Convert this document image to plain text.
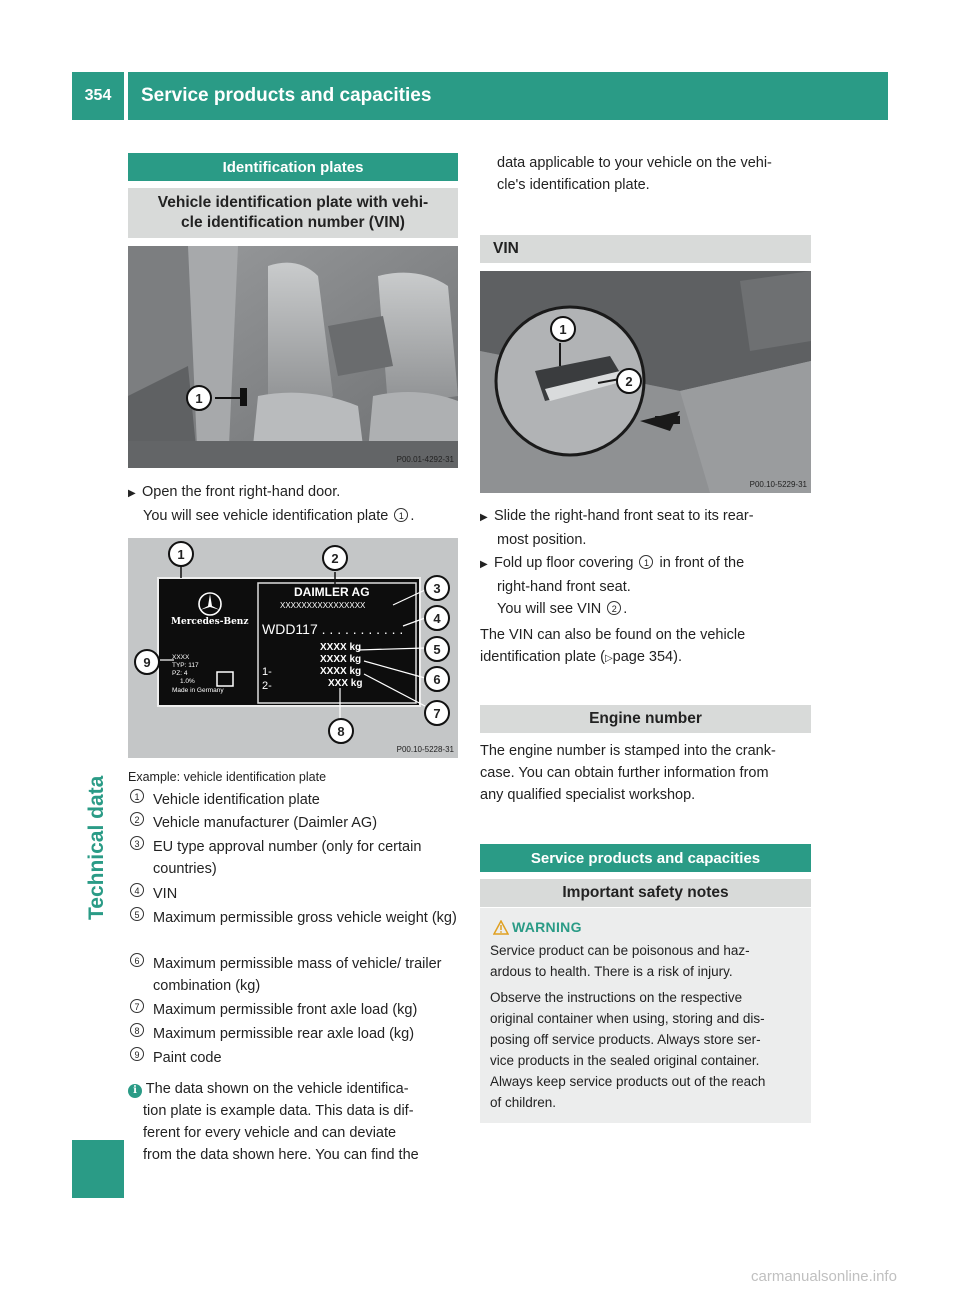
354	Service products and capacities
Technical data
Identification plates
Vehicle identification plate with vehi-
cle identification number (VIN)
1
P00.01-4292-31
▶ Open the front right-hand door.
You will see vehicle identification plate 1 .
Mercedes-Benz
DAIMLER AG
XXXXXXXXXXXXXXXX
WDD117 . . . . . . . . . . .
XXXX kg
XXXX kg
XXXX kg
XXX kg
1-
2-
XXXX
TYP: 117
PZ: 4
1.0%
Made in Germany
1	2
3
4
5
6
7
8
9
P00.10-5228-31
Example: vehicle identification plate
1 Vehicle identification plate
2 Vehicle manufacturer (Daimler AG)
3 EU type approval number (only for certain countries)
4 VIN
5 Maximum permissible gross vehicle weight (kg)
6 Maximum permissible mass of vehicle/ trailer combination (kg)
7 Maximum permissible front axle load (kg)
8 Maximum permissible rear axle load (kg)
9 Paint code
i The data shown on the vehicle identifica-
tion plate is example data. This data is dif-
ferent for every vehicle and can deviate
from the data shown here. You can find the
data applicable to your vehicle on the vehi-
cle's identification plate.
VIN
1
2
P00.10-5229-31
▶ Slide the right-hand front seat to its rear-
most position.
▶ Fold up floor covering 1 in front of the
right-hand front seat.
You will see VIN 2 .
The VIN can also be found on the vehicle
identification plate (▷page 354).
Engine number
The engine number is stamped into the crank-
case. You can obtain further information from
any qualified specialist workshop.
Service products and capacities
Important safety notes
WARNING
Service product can be poisonous and haz-
ardous to health. There is a risk of injury.
Observe the instructions on the respective
original container when using, storing and dis-
posing off service products. Always store ser-
vice products in the sealed original container.
Always keep service products out of the reach
of children.
carmanualsonline.info
